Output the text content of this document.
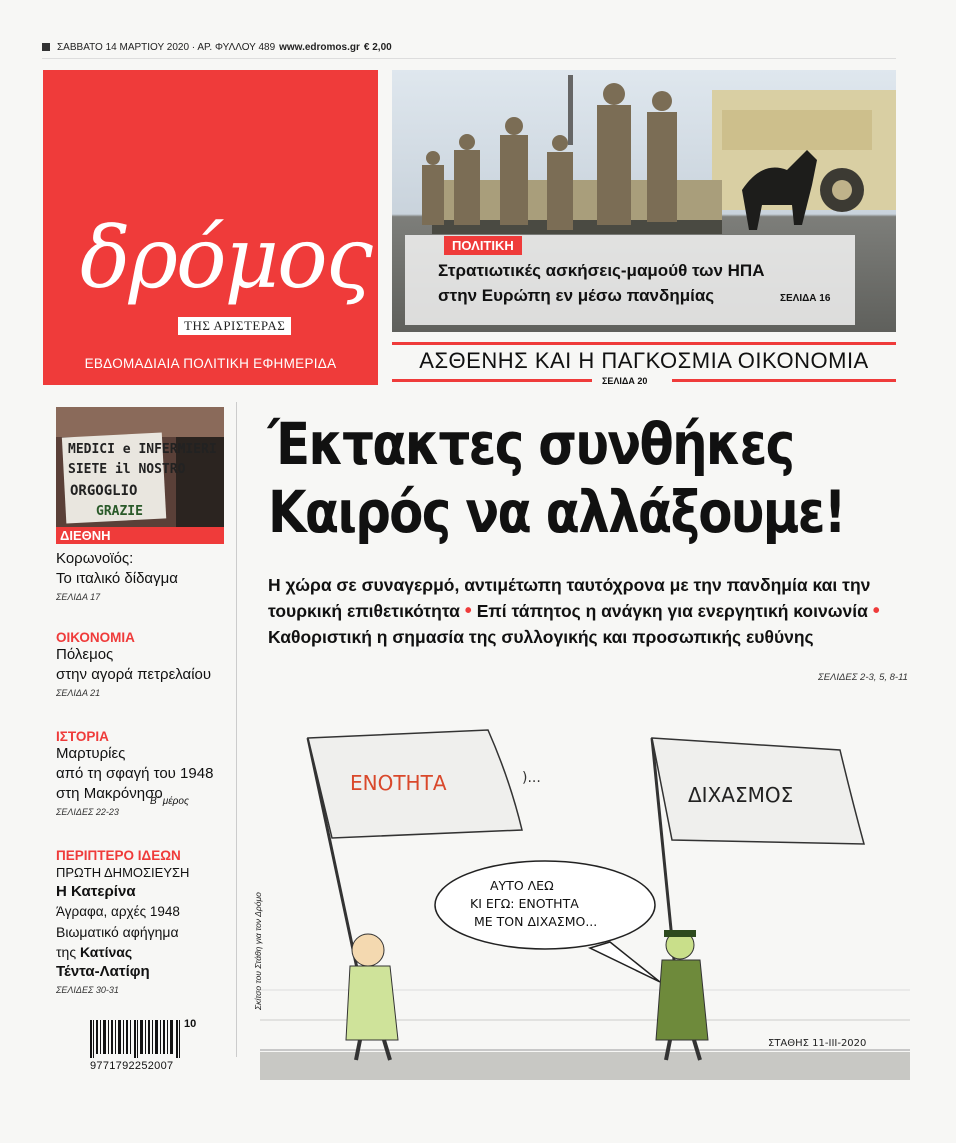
ΣΑΒΒΑΤΟ 14 ΜΑΡΤΙΟΥ 2020 · ΑΡ. ΦΥΛΛΟΥ 489 www.edromos.gr € 2,00
δρόμος
ΤΗΣ ΑΡΙΣΤΕΡΑΣ
ΕΒΔΟΜΑΔΙΑΙΑ ΠΟΛΙΤΙΚΗ ΕΦΗΜΕΡΙΔΑ
ΠΟΛΙΤΙΚΗ
Στρατιωτικές ασκήσεις-μαμούθ των ΗΠΑ
στην Ευρώπη εν μέσω πανδημίας	ΣΕΛΙΔΑ 16
ΑΣΘΕΝΗΣ ΚΑΙ Η ΠΑΓΚΟΣΜΙΑ ΟΙΚΟΝΟΜΙΑ
ΣΕΛΙΔΑ 20
MEDICI e INFERMIERI
SIETE il NOSTRO
ORGOGLIO
GRAZIE
ΔΙΕΘΝΗ
Κορωνοϊός:
Το ιταλικό δίδαγμα
ΣΕΛΙΔΑ 17
ΟΙΚΟΝΟΜΙΑ
Πόλεμος
στην αγορά πετρελαίου
ΣΕΛΙΔΑ 21
ΙΣΤΟΡΙΑ
Μαρτυρίες
από τη σφαγή του 1948
στη Μακρόνησο
ΣΕΛΙΔΕΣ 22-23
Β΄ μέρος
ΠΕΡΙΠΤΕΡΟ ΙΔΕΩΝ
ΠΡΩΤΗ ΔΗΜΟΣΙΕΥΣΗ
Η Κατερίνα
Άγραφα, αρχές 1948
Βιωματικό αφήγημα
της Κατίνας
Τέντα-Λατίφη
ΣΕΛΙΔΕΣ 30-31
Έκτακτες συνθήκες
Καιρός να αλλάξουμε!
Η χώρα σε συναγερμό, αντιμέτωπη ταυτόχρονα με την πανδημία και την τουρκική επιθετικότητα • Επί τάπητος η ανάγκη για ενεργητική κοινωνία • Καθοριστική η σημασία της συλλογικής και προσωπικής ευθύνης
ΣΕΛΙΔΕΣ 2-3, 5, 8-11
ΕΝΟΤΗΤΑ	)...
ΔΙΧΑΣΜΟΣ
ΑΥΤΟ ΛΕΩ
ΚΙ ΕΓΩ: ΕΝΟΤΗΤΑ
ΜΕ ΤΟΝ ΔΙΧΑΣΜΟ...
ΣΤΑΘΗΣ 11-ΙΙΙ-2020
Σκίτσο του Στάθη για τον Δρόμο
10
9771792252007
